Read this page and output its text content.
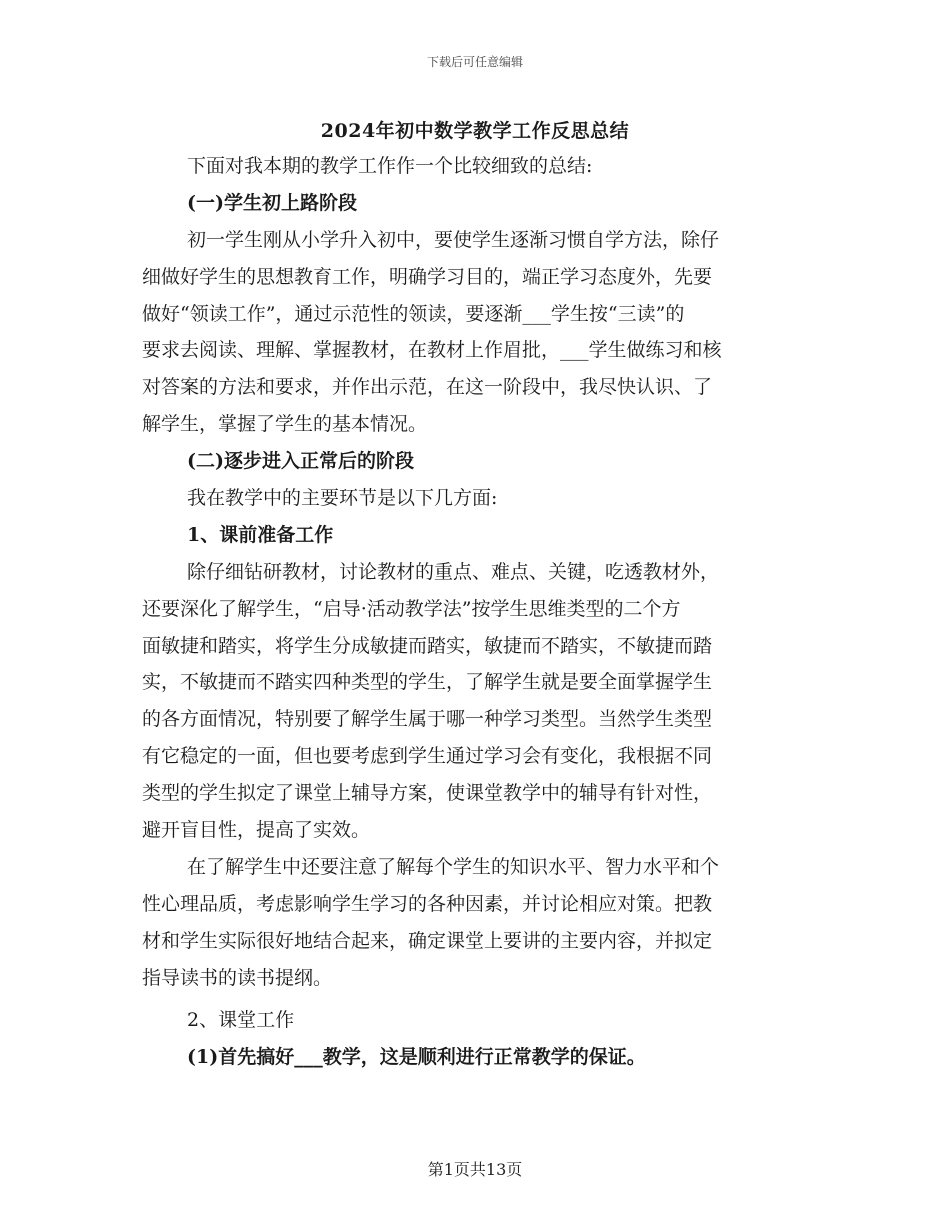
下载后可任意编辑
2024年初中数学教学工作反思总结
下面对我本期的教学工作作一个比较细致的总结:
(一)学生初上路阶段
初一学生刚从小学升入初中，要使学生逐渐习惯自学方法，除仔
细做好学生的思想教育工作，明确学习目的，端正学习态度外，先要
做好“领读工作”，通过示范性的领读，要逐渐___学生按“三读”的
要求去阅读、理解、掌握教材，在教材上作眉批，___学生做练习和核
对答案的方法和要求，并作出示范，在这一阶段中，我尽快认识、了
解学生，掌握了学生的基本情况。
(二)逐步进入正常后的阶段
我在教学中的主要环节是以下几方面:
1、课前准备工作
除仔细钻研教材，讨论教材的重点、难点、关键，吃透教材外，
还要深化了解学生，“启导·活动教学法”按学生思维类型的二个方
面敏捷和踏实，将学生分成敏捷而踏实，敏捷而不踏实，不敏捷而踏
实，不敏捷而不踏实四种类型的学生，了解学生就是要全面掌握学生
的各方面情况，特别要了解学生属于哪一种学习类型。当然学生类型
有它稳定的一面，但也要考虑到学生通过学习会有变化，我根据不同
类型的学生拟定了课堂上辅导方案，使课堂教学中的辅导有针对性，
避开盲目性，提高了实效。
在了解学生中还要注意了解每个学生的知识水平、智力水平和个
性心理品质，考虑影响学生学习的各种因素，并讨论相应对策。把教
材和学生实际很好地结合起来，确定课堂上要讲的主要内容，并拟定
指导读书的读书提纲。
2、课堂工作
(1)首先搞好___教学，这是顺利进行正常教学的保证。
第1页共13页
